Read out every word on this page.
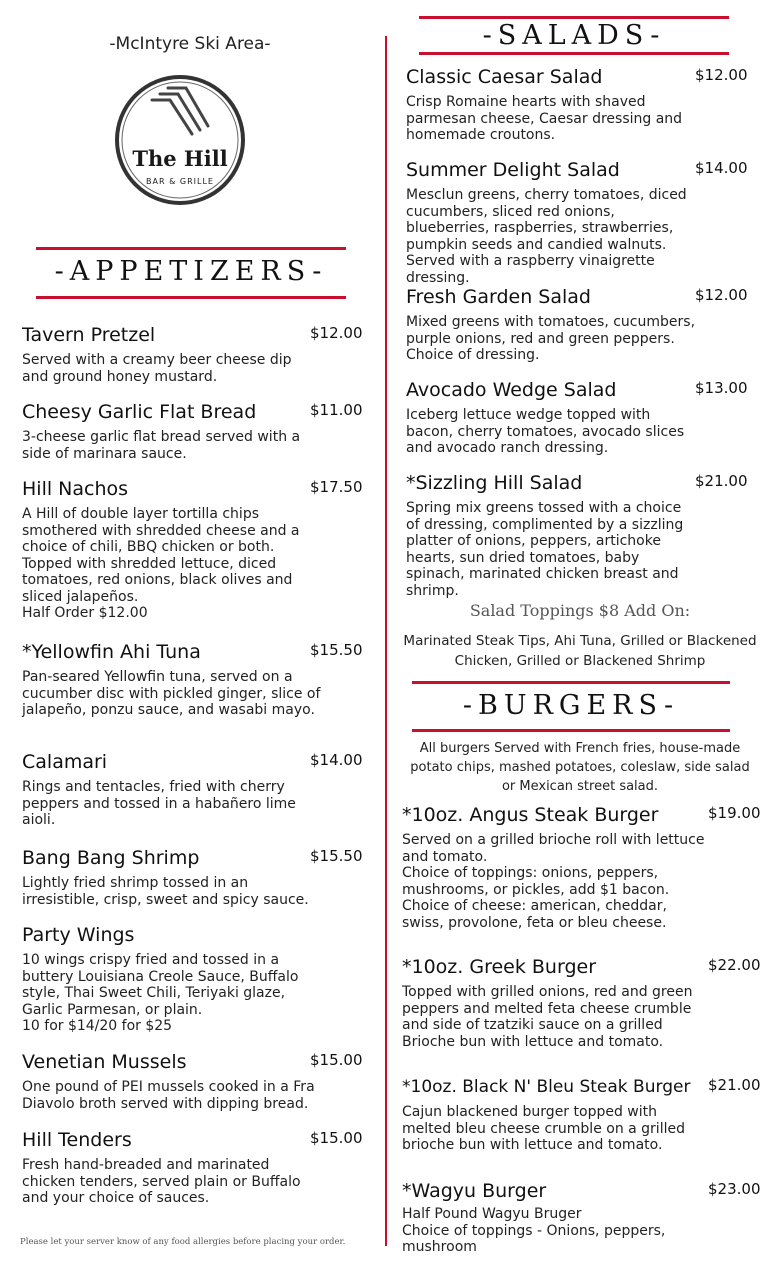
-McIntyre Ski Area-
The Hill
BAR & GRILLE
-APPETIZERS-
Tavern Pretzel	$12.00
Served with a creamy beer cheese dip and ground honey mustard.
Cheesy Garlic Flat Bread	$11.00
3-cheese garlic flat bread served with a side of marinara sauce.
Hill Nachos	$17.50
A Hill of double layer tortilla chips smothered with shredded cheese and a choice of chili, BBQ chicken or both. Topped with shredded lettuce, diced tomatoes, red onions, black olives and sliced jalapeños.
Half Order $12.00
*Yellowfin Ahi Tuna	$15.50
Pan-seared Yellowfin tuna, served on a cucumber disc with pickled ginger, slice of jalapeño, ponzu sauce, and wasabi mayo.
Calamari	$14.00
Rings and tentacles, fried with cherry peppers and tossed in a habañero lime aioli.
Bang Bang Shrimp	$15.50
Lightly fried shrimp tossed in an irresistible, crisp, sweet and spicy sauce.
Party Wings
10 wings crispy fried and tossed in a buttery Louisiana Creole Sauce, Buffalo style, Thai Sweet Chili, Teriyaki glaze, Garlic Parmesan, or plain.
10 for $14/20 for $25
Venetian Mussels	$15.00
One pound of PEI mussels cooked in a Fra Diavolo broth served with dipping bread.
Hill Tenders	$15.00
Fresh hand-breaded and marinated chicken tenders, served plain or Buffalo and your choice of sauces.
Please let your server know of any food allergies before placing your order.
-SALADS-
Classic Caesar Salad	$12.00
Crisp Romaine hearts with shaved parmesan cheese, Caesar dressing and homemade croutons.
Summer Delight Salad	$14.00
Mesclun greens, cherry tomatoes, diced cucumbers, sliced red onions, blueberries, raspberries, strawberries, pumpkin seeds and candied walnuts. Served with a raspberry vinaigrette dressing.
Fresh Garden Salad	$12.00
Mixed greens with tomatoes, cucumbers, purple onions, red and green peppers. Choice of dressing.
Avocado Wedge Salad	$13.00
Iceberg lettuce wedge topped with bacon, cherry tomatoes, avocado slices and avocado ranch dressing.
*Sizzling Hill Salad	$21.00
Spring mix greens tossed with a choice of dressing, complimented by a sizzling platter of onions, peppers, artichoke hearts, sun dried tomatoes, baby spinach, marinated chicken breast and shrimp.
Salad Toppings $8 Add On:
Marinated Steak Tips, Ahi Tuna, Grilled or Blackened Chicken, Grilled or Blackened Shrimp
-BURGERS-
All burgers Served with French fries, house-made potato chips, mashed potatoes, coleslaw, side salad or Mexican street salad.
*10oz. Angus Steak Burger	$19.00
Served on a grilled brioche roll with lettuce and tomato.
Choice of toppings: onions, peppers, mushrooms, or pickles, add $1 bacon. Choice of cheese: american, cheddar, swiss, provolone, feta or bleu cheese.
*10oz. Greek Burger	$22.00
Topped with grilled onions, red and green peppers and melted feta cheese crumble and side of tzatziki sauce on a grilled Brioche bun with lettuce and tomato.
*10oz. Black N' Bleu Steak Burger	$21.00
Cajun blackened burger topped with melted bleu cheese crumble on a grilled brioche bun with lettuce and tomato.
*Wagyu Burger	$23.00
Half Pound Wagyu Bruger
Choice of toppings - Onions, peppers, mushroom
